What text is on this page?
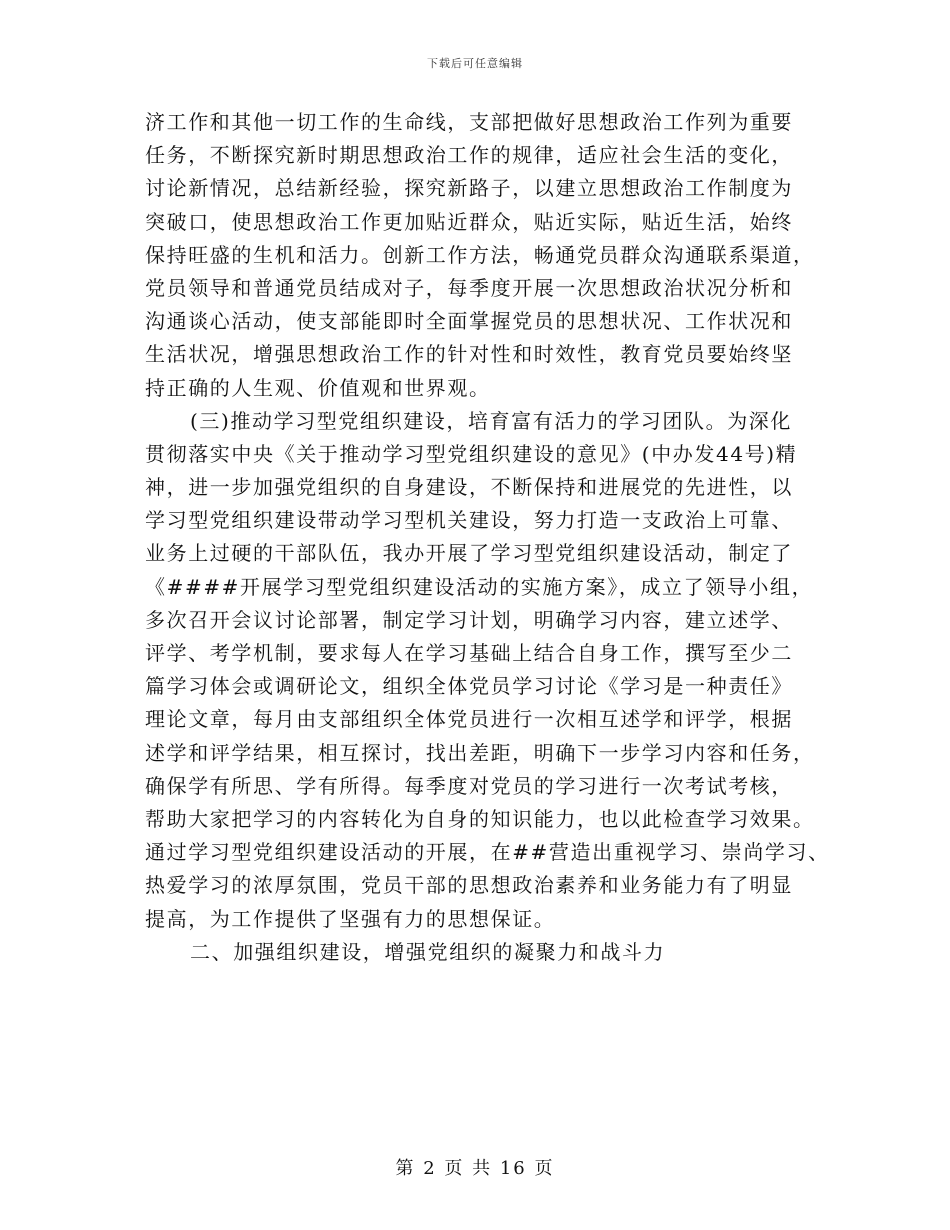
下载后可任意编辑
济工作和其他一切工作的生命线，支部把做好思想政治工作列为重要
任务，不断探究新时期思想政治工作的规律，适应社会生活的变化，
讨论新情况，总结新经验，探究新路子，以建立思想政治工作制度为
突破口，使思想政治工作更加贴近群众，贴近实际，贴近生活，始终
保持旺盛的生机和活力。创新工作方法，畅通党员群众沟通联系渠道，
党员领导和普通党员结成对子，每季度开展一次思想政治状况分析和
沟通谈心活动，使支部能即时全面掌握党员的思想状况、工作状况和
生活状况，增强思想政治工作的针对性和时效性，教育党员要始终坚
持正确的人生观、价值观和世界观。
(三)推动学习型党组织建设，培育富有活力的学习团队。为深化
贯彻落实中央《关于推动学习型党组织建设的意见》(中办发44号)精
神，进一步加强党组织的自身建设，不断保持和进展党的先进性，以
学习型党组织建设带动学习型机关建设，努力打造一支政治上可靠、
业务上过硬的干部队伍，我办开展了学习型党组织建设活动，制定了
《####开展学习型党组织建设活动的实施方案》，成立了领导小组，
多次召开会议讨论部署，制定学习计划，明确学习内容，建立述学、
评学、考学机制，要求每人在学习基础上结合自身工作，撰写至少二
篇学习体会或调研论文，组织全体党员学习讨论《学习是一种责任》
理论文章，每月由支部组织全体党员进行一次相互述学和评学，根据
述学和评学结果，相互探讨，找出差距，明确下一步学习内容和任务，
确保学有所思、学有所得。每季度对党员的学习进行一次考试考核，
帮助大家把学习的内容转化为自身的知识能力，也以此检查学习效果。
通过学习型党组织建设活动的开展，在##营造出重视学习、崇尚学习、
热爱学习的浓厚氛围，党员干部的思想政治素养和业务能力有了明显
提高，为工作提供了坚强有力的思想保证。
二、加强组织建设，增强党组织的凝聚力和战斗力
第 2 页 共 16 页
